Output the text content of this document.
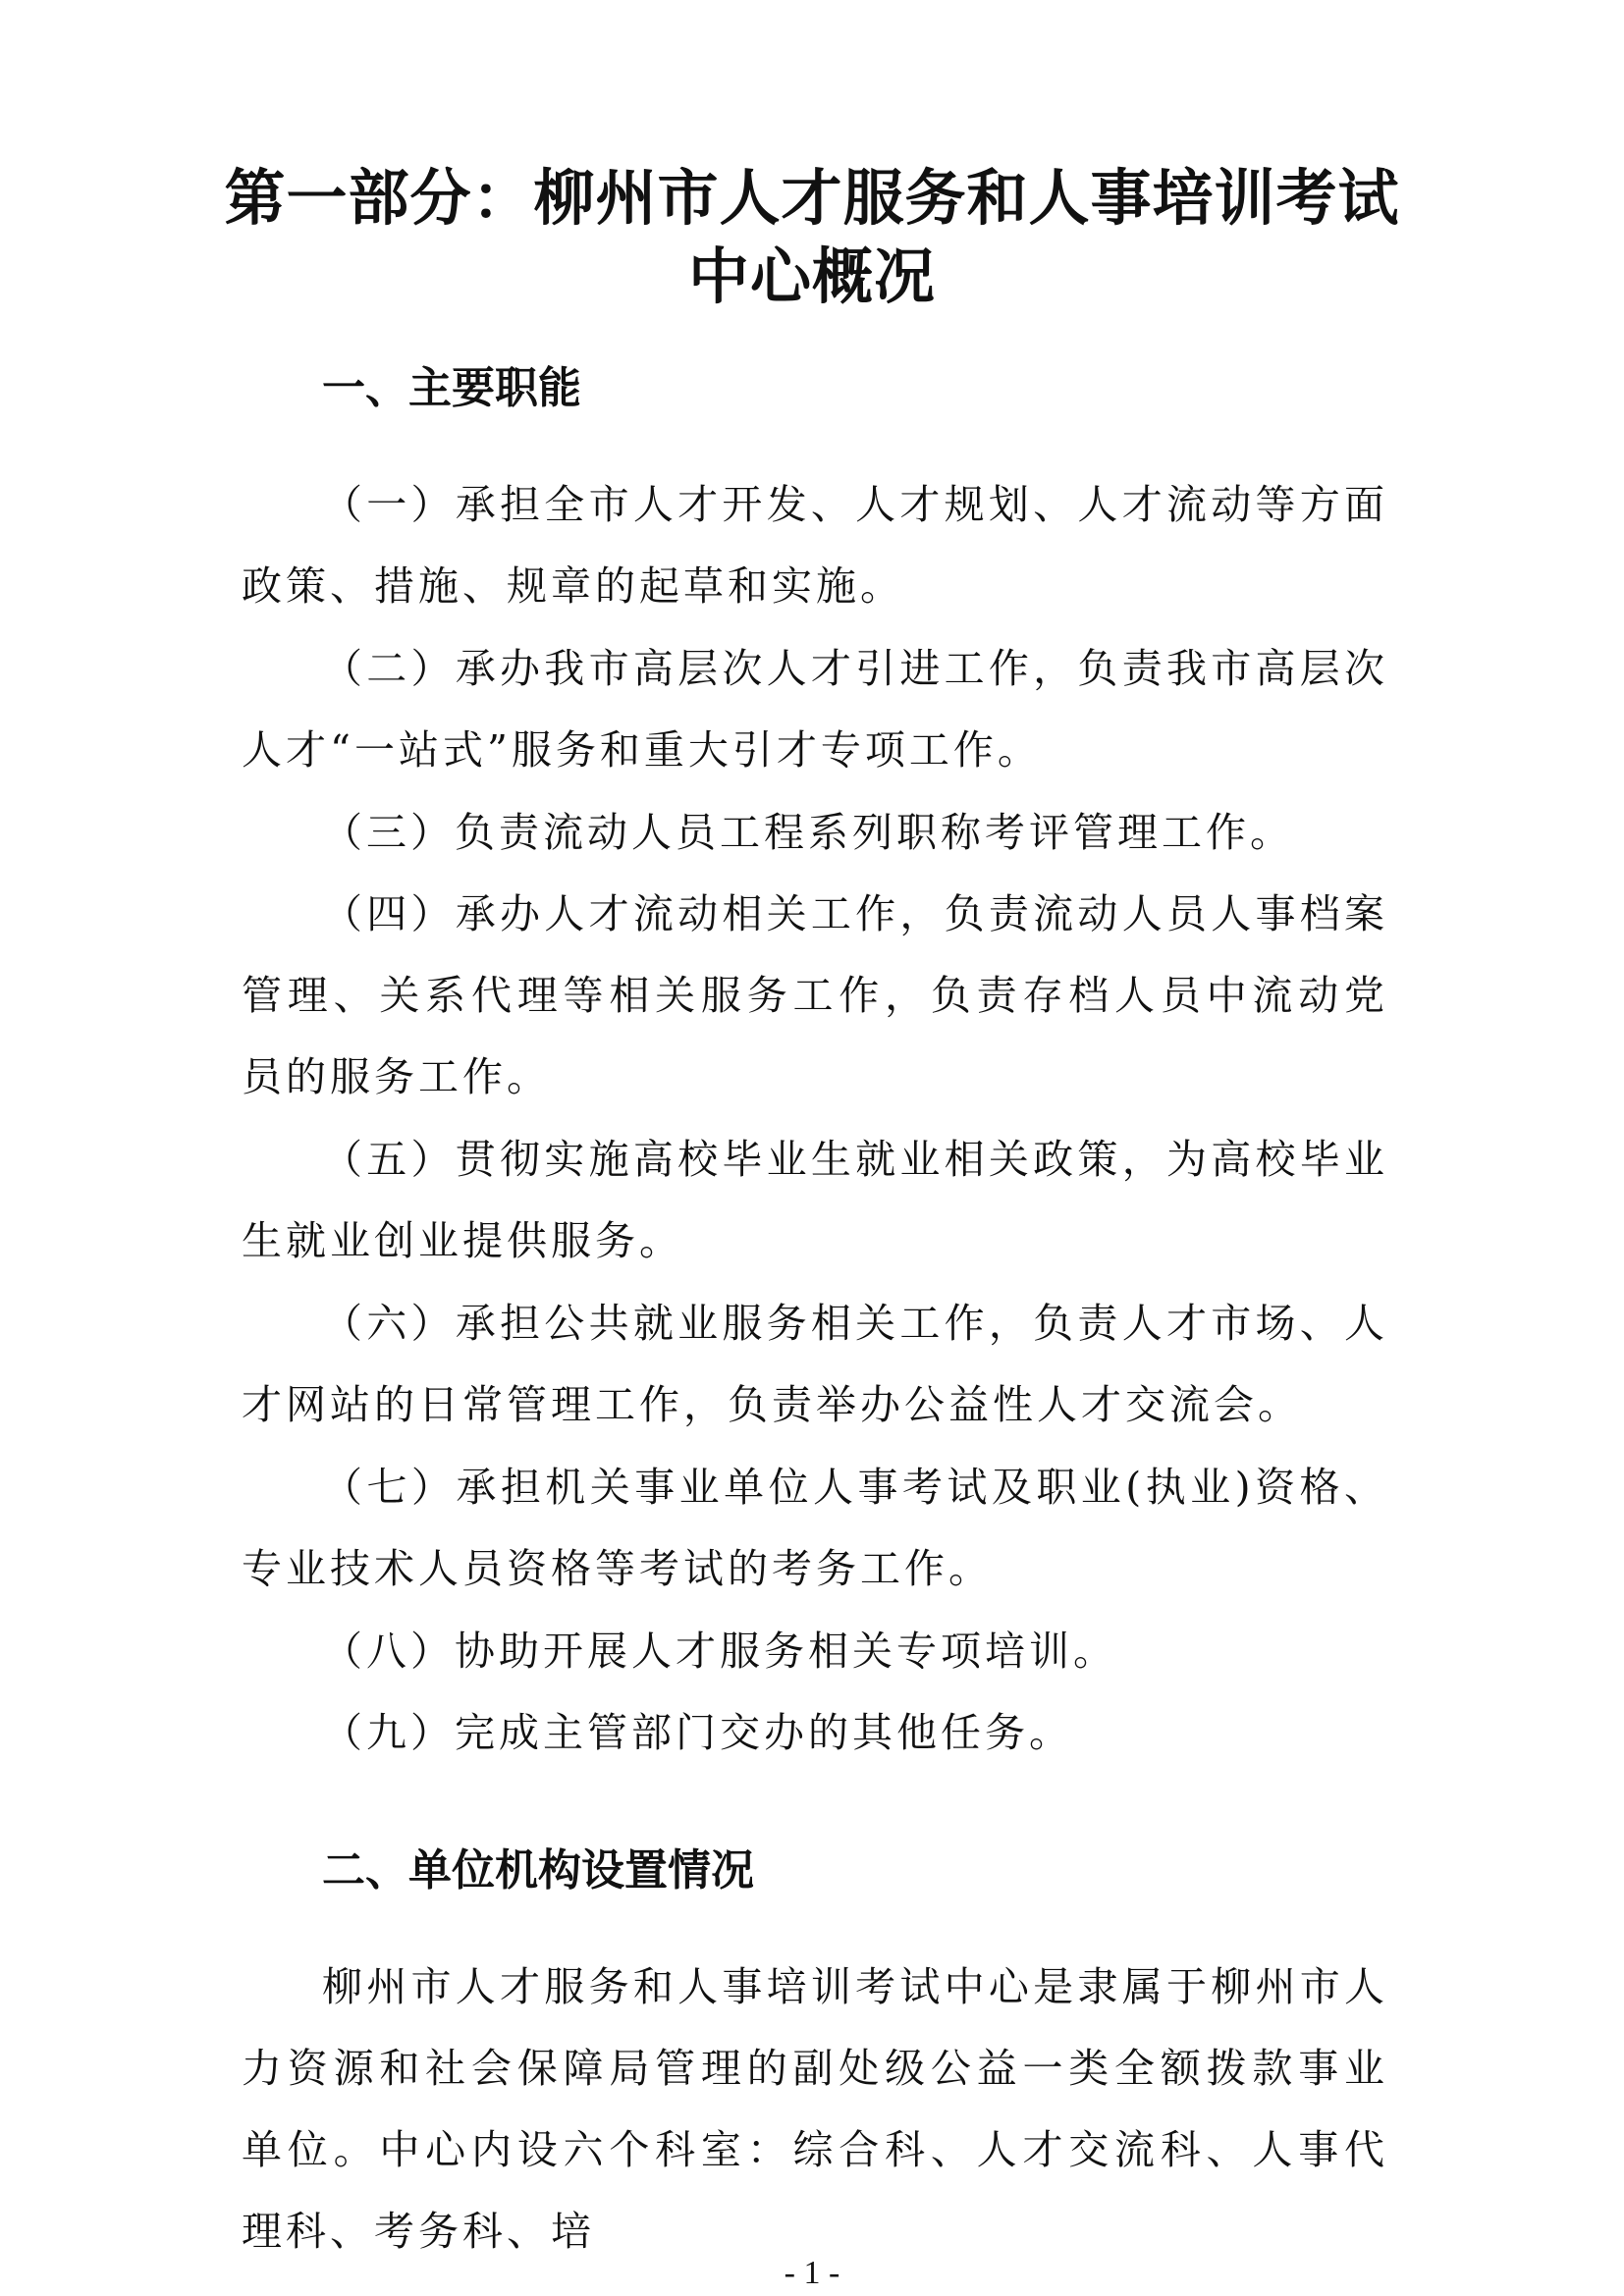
第一部分：柳州市人才服务和人事培训考试
中心概况
一、主要职能

（一）承担全市人才开发、人才规划、人才流动等方面政策、措施、规章的起草和实施。

（二）承办我市高层次人才引进工作，负责我市高层次人才“一站式”服务和重大引才专项工作。

（三）负责流动人员工程系列职称考评管理工作。

（四）承办人才流动相关工作，负责流动人员人事档案管理、关系代理等相关服务工作，负责存档人员中流动党员的服务工作。

（五）贯彻实施高校毕业生就业相关政策，为高校毕业生就业创业提供服务。

（六）承担公共就业服务相关工作，负责人才市场、人才网站的日常管理工作，负责举办公益性人才交流会。

（七）承担机关事业单位人事考试及职业(执业)资格、专业技术人员资格等考试的考务工作。

（八）协助开展人才服务相关专项培训。

（九）完成主管部门交办的其他任务。

二、单位机构设置情况

柳州市人才服务和人事培训考试中心是隶属于柳州市人力资源和社会保障局管理的副处级公益一类全额拨款事业单位。中心内设六个科室：综合科、人才交流科、人事代理科、考务科、培

- 1 -
